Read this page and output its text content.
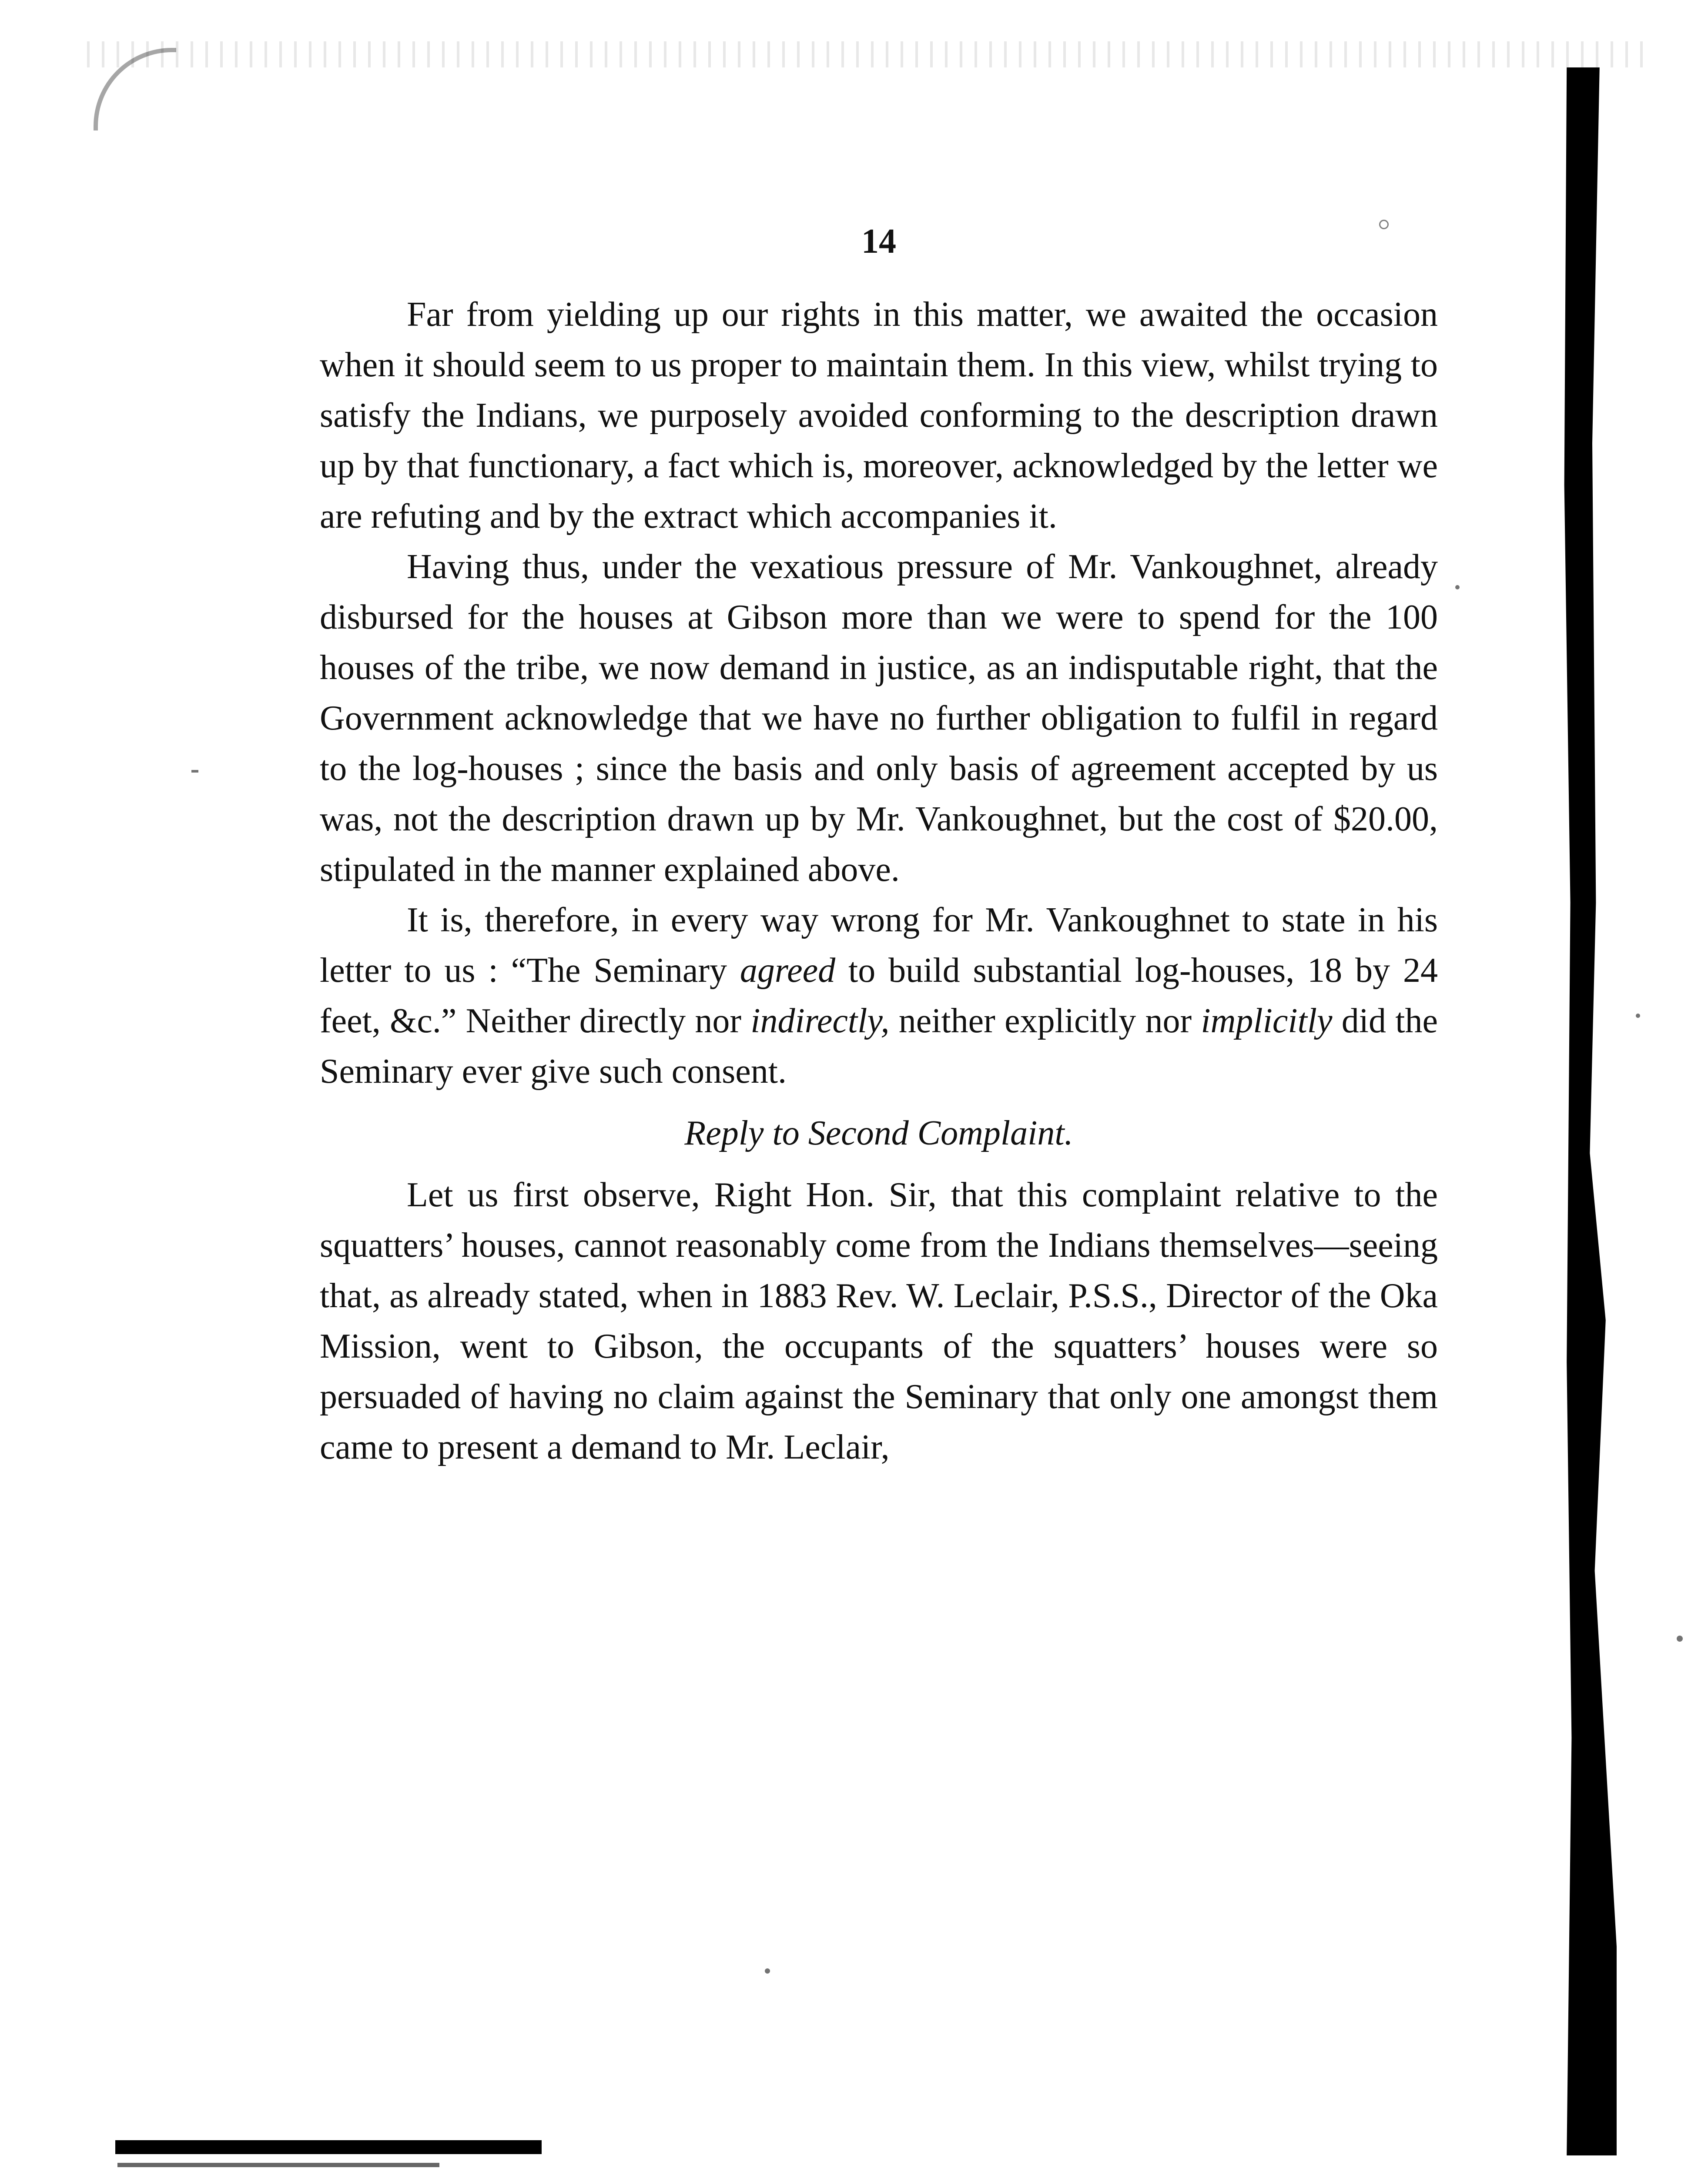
14

Far from yielding up our rights in this matter, we awaited the occasion when it should seem to us proper to maintain them. In this view, whilst trying to satisfy the Indians, we purposely avoided conforming to the description drawn up by that functionary, a fact which is, moreover, acknowledged by the letter we are refuting and by the extract which accompanies it.

Having thus, under the vexatious pressure of Mr. Vankoughnet, already disbursed for the houses at Gibson more than we were to spend for the 100 houses of the tribe, we now demand in justice, as an indisputable right, that the Government acknowledge that we have no further obligation to fulfil in regard to the log-houses ; since the basis and only basis of agreement accepted by us was, not the description drawn up by Mr. Vankoughnet, but the cost of $20.00, stipulated in the manner explained above.

It is, therefore, in every way wrong for Mr. Vankoughnet to state in his letter to us : “The Seminary agreed to build substantial log-houses, 18 by 24 feet, &c.” Neither directly nor indirectly, neither explicitly nor implicitly did the Seminary ever give such consent.

Reply to Second Complaint.

Let us first observe, Right Hon. Sir, that this complaint relative to the squatters’ houses, cannot reasonably come from the Indians themselves—seeing that, as already stated, when in 1883 Rev. W. Leclair, P.S.S., Director of the Oka Mission, went to Gibson, the occupants of the squatters’ houses were so persuaded of having no claim against the Seminary that only one amongst them came to present a demand to Mr. Leclair,
